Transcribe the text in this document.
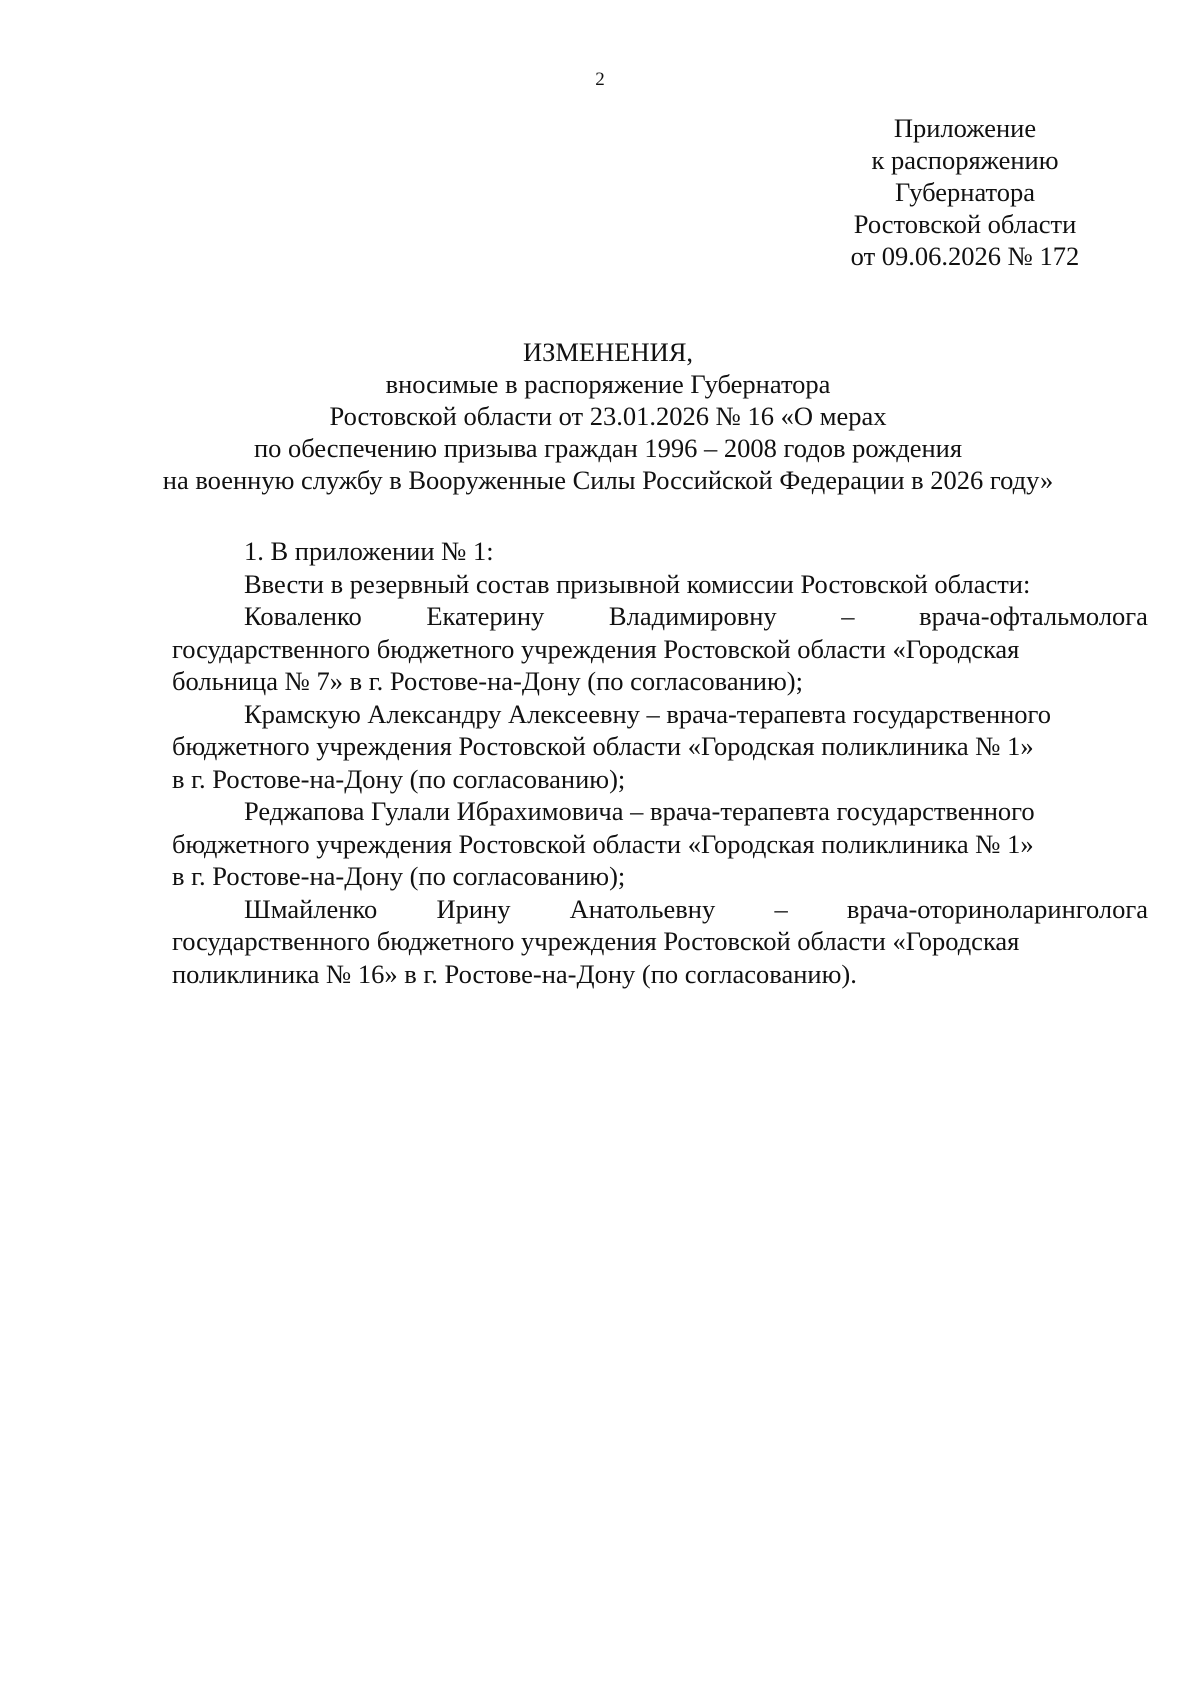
2
Приложение
к распоряжению
Губернатора
Ростовской области
от 09.06.2026 № 172
ИЗМЕНЕНИЯ,
вносимые в распоряжение Губернатора
Ростовской области от 23.01.2026 № 16 «О мерах
по обеспечению призыва граждан 1996 – 2008 годов рождения
на военную службу в Вооруженные Силы Российской Федерации в 2026 году»
1. В приложении № 1:
Ввести в резервный состав призывной комиссии Ростовской области:
Коваленко Екатерину Владимировну – врача-офтальмолога
государственного бюджетного учреждения Ростовской области «Городская
больница № 7» в г. Ростове-на-Дону (по согласованию);
Крамскую Александру Алексеевну – врача-терапевта государственного
бюджетного учреждения Ростовской области «Городская поликлиника № 1»
в г. Ростове-на-Дону (по согласованию);
Реджапова Гулали Ибрахимовича – врача-терапевта государственного
бюджетного учреждения Ростовской области «Городская поликлиника № 1»
в г. Ростове-на-Дону (по согласованию);
Шмайленко Ирину Анатольевну – врача-оториноларинголога
государственного бюджетного учреждения Ростовской области «Городская
поликлиника № 16» в г. Ростове-на-Дону (по согласованию).
